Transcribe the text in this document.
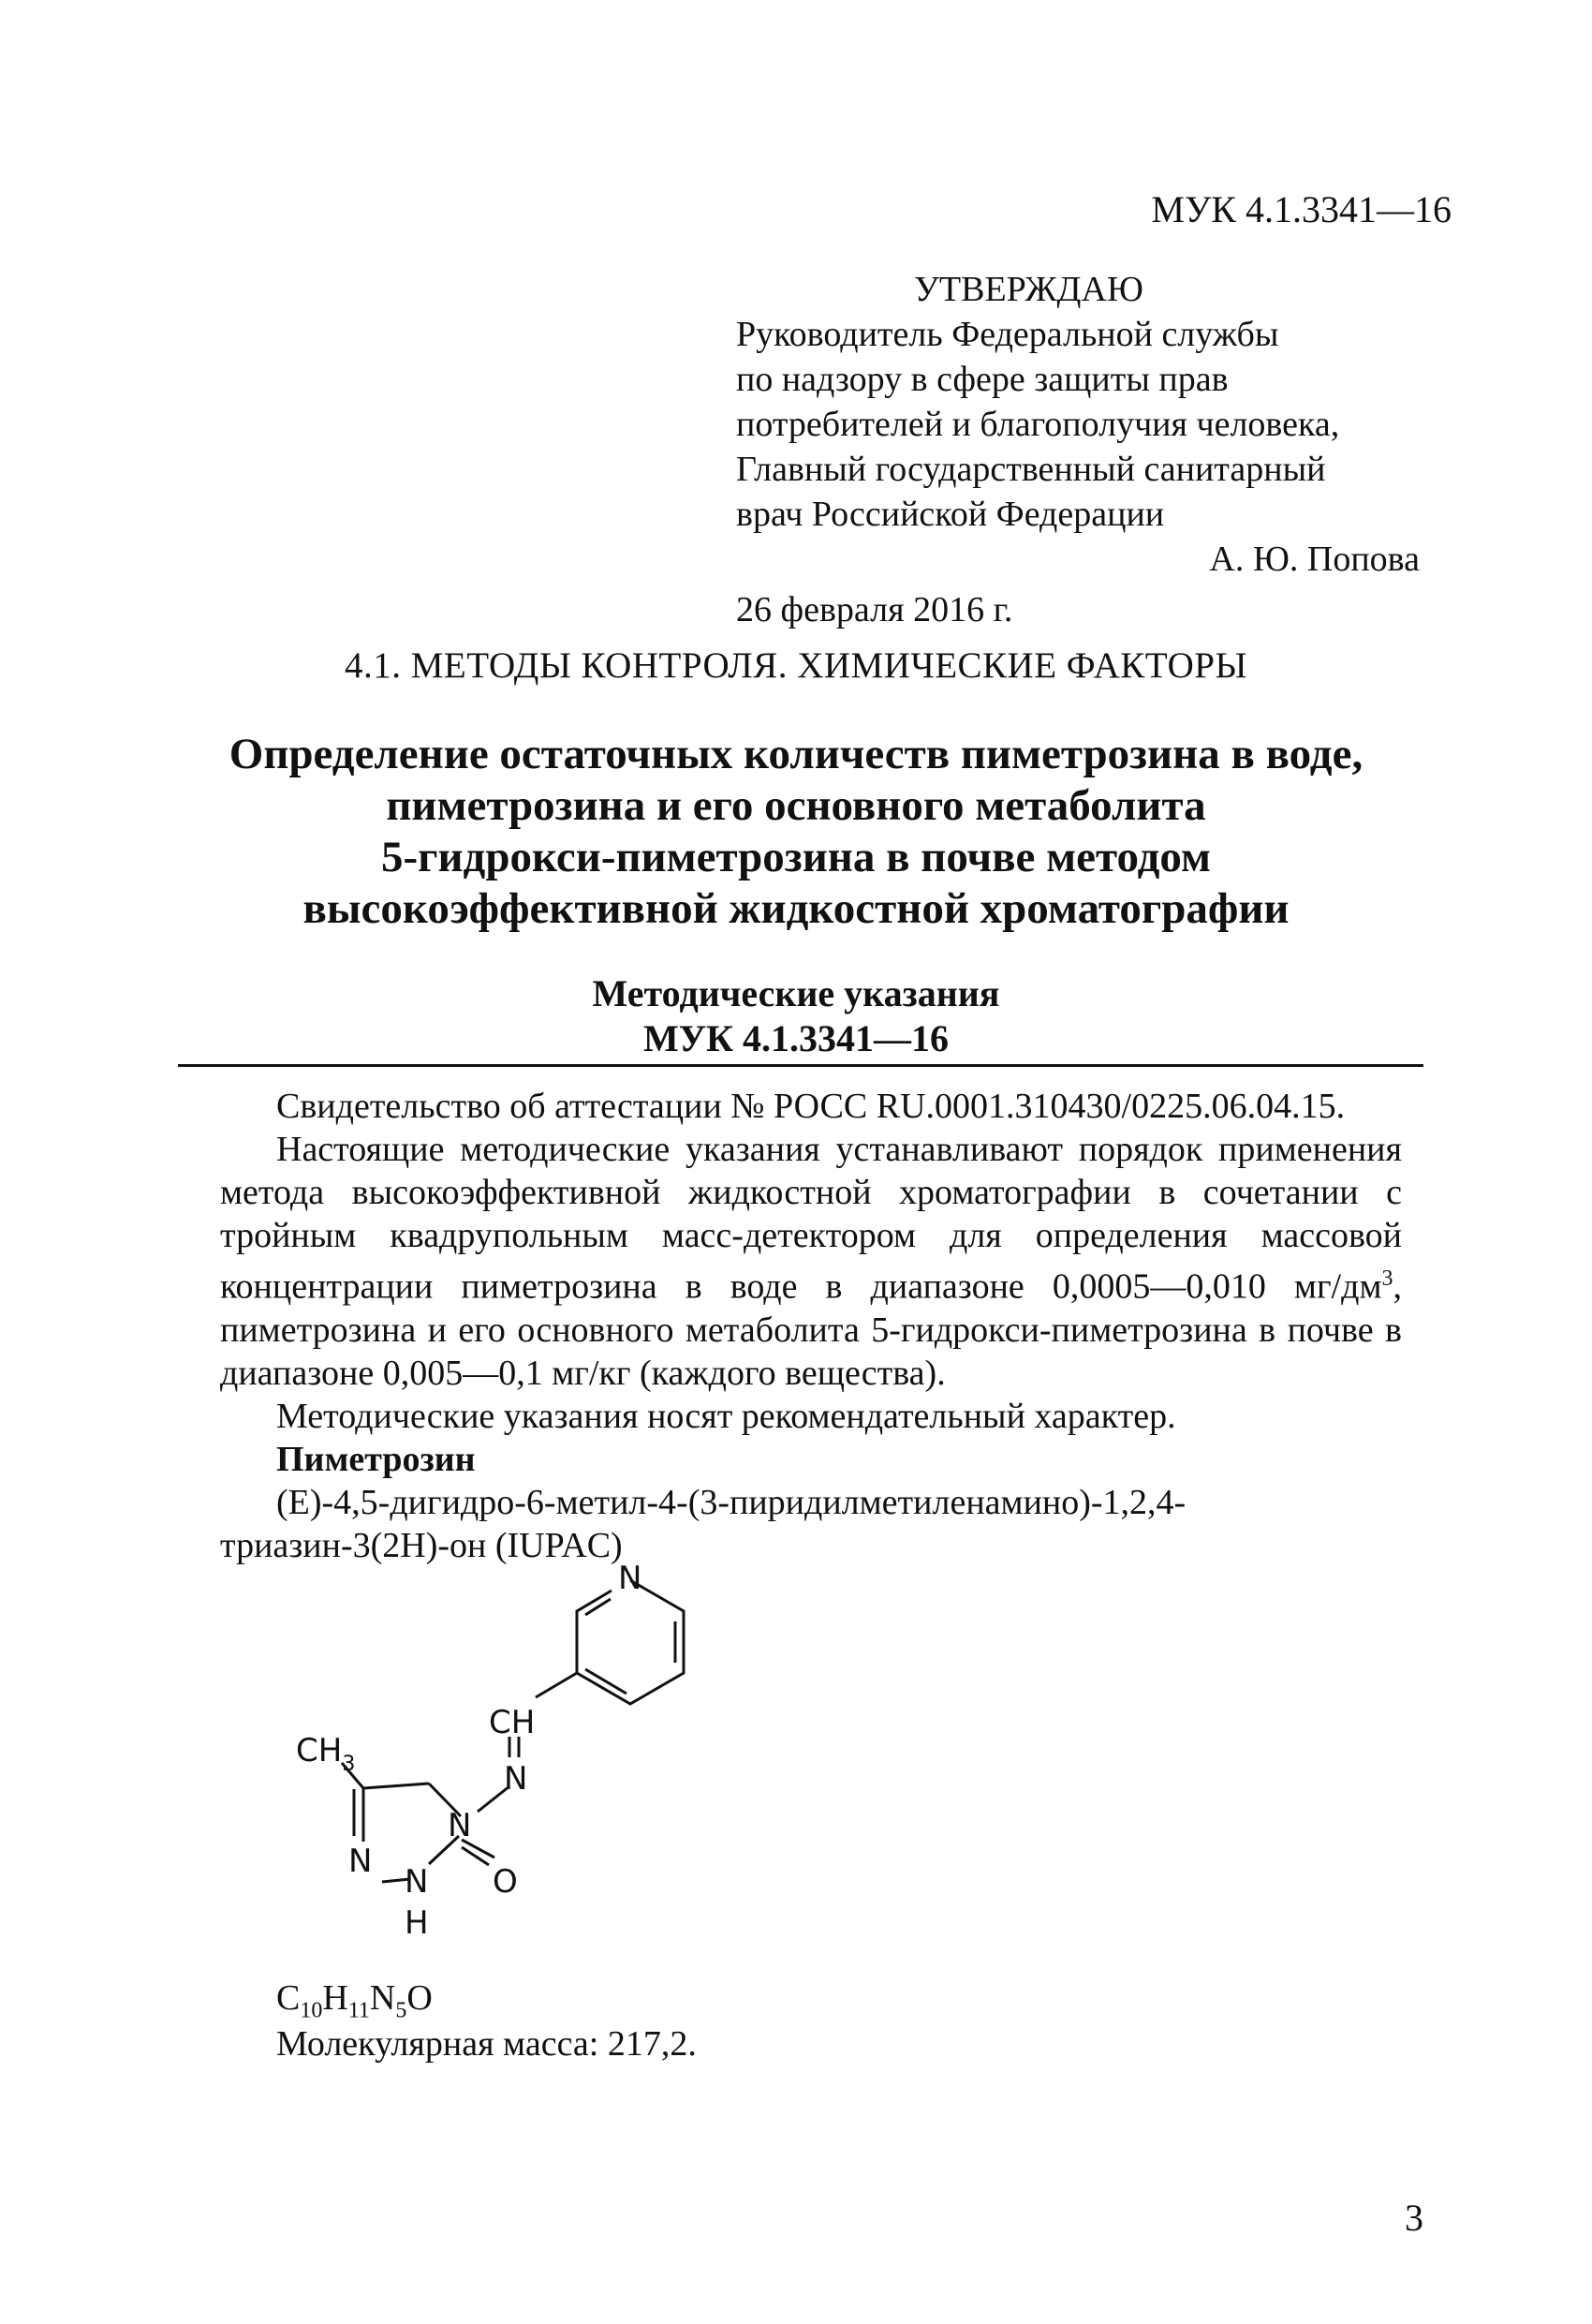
МУК 4.1.3341—16
УТВЕРЖДАЮ
Руководитель Федеральной службы
по надзору в сфере защиты прав
потребителей и благополучия человека,
Главный государственный санитарный
врач Российской Федерации
А. Ю. Попова
26 февраля 2016 г.
4.1. МЕТОДЫ КОНТРОЛЯ. ХИМИЧЕСКИЕ ФАКТОРЫ
Определение остаточных количеств пиметрозина в воде,
пиметрозина и его основного метаболита
5-гидрокси-пиметрозина в почве методом
высокоэффективной жидкостной хроматографии
Методические указания
МУК 4.1.3341—16

Свидетельство об аттестации № РОСС RU.0001.310430/0225.06.04.15.

Настоящие методические указания устанавливают порядок применения метода высокоэффективной жидкостной хроматографии в сочетании с тройным квадрупольным масс-детектором для определения массовой концентрации пиметрозина в воде в диапазоне 0,0005—0,010 $мг/дм^3$, пиметрозина и его основного метаболита 5-гидрокси-пиметрозина в почве в диапазоне 0,005—0,1 мг/кг (каждого вещества).

Методические указания носят рекомендательный характер.

Пиметрозин

(E)-4,5-дигидро-6-метил-4-(3-пиридилметиленамино)-1,2,4-триазин-3(2H)-он (IUPAC)

N
CH
N
$CH_3$
N
N
N
H
O
$C_{10}H_{11}N_5O$
Молекулярная масса: 217,2.
3
